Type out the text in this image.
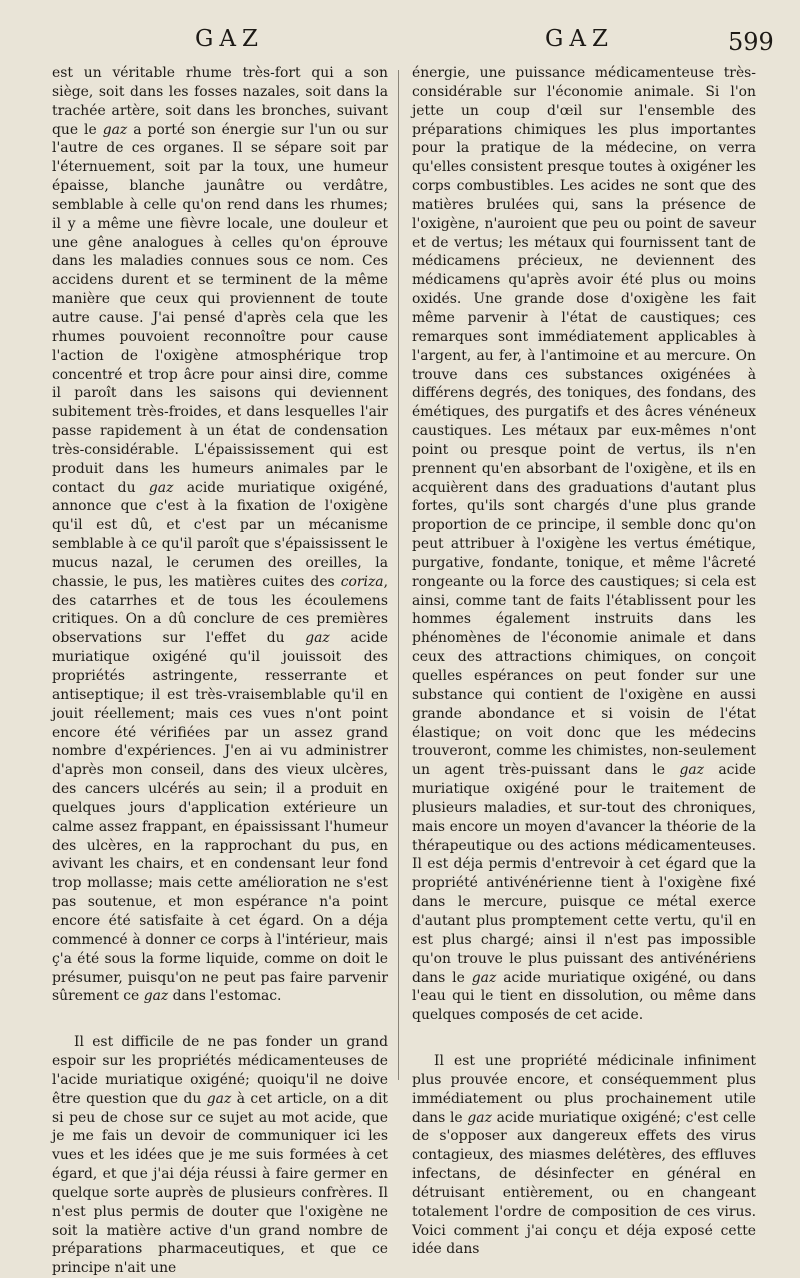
GAZ	GAZ	599

est un véritable rhume très-fort qui a son siège, soit dans les fosses nazales, soit dans la trachée artère, soit dans les bronches, suivant que le gaz a porté son énergie sur l'un ou sur l'autre de ces organes. Il se sépare soit par l'éternuement, soit par la toux, une humeur épaisse, blanche jaunâtre ou verdâtre, semblable à celle qu'on rend dans les rhumes; il y a même une fièvre locale, une douleur et une gêne analogues à celles qu'on éprouve dans les maladies connues sous ce nom. Ces accidens durent et se terminent de la même manière que ceux qui proviennent de toute autre cause. J'ai pensé d'après cela que les rhumes pouvoient reconnoître pour cause l'action de l'oxigène atmosphérique trop concentré et trop âcre pour ainsi dire, comme il paroît dans les saisons qui deviennent subitement très-froides, et dans lesquelles l'air passe rapidement à un état de condensation très-considérable. L'épaississement qui est produit dans les humeurs animales par le contact du gaz acide muriatique oxigéné, annonce que c'est à la fixation de l'oxigène qu'il est dû, et c'est par un mécanisme semblable à ce qu'il paroît que s'épaississent le mucus nazal, le cerumen des oreilles, la chassie, le pus, les matières cuites des coriza, des catarrhes et de tous les écoulemens critiques. On a dû conclure de ces premières observations sur l'effet du gaz acide muriatique oxigéné qu'il jouissoit des propriétés astringente, resserrante et antiseptique; il est très-vraisemblable qu'il en jouit réellement; mais ces vues n'ont point encore été vérifiées par un assez grand nombre d'expériences. J'en ai vu administrer d'après mon conseil, dans des vieux ulcères, des cancers ulcérés au sein; il a produit en quelques jours d'application extérieure un calme assez frappant, en épaississant l'humeur des ulcères, en la rapprochant du pus, en avivant les chairs, et en condensant leur fond trop mollasse; mais cette amélioration ne s'est pas soutenue, et mon espérance n'a point encore été satisfaite à cet égard. On a déja commencé à donner ce corps à l'intérieur, mais ç'a été sous la forme liquide, comme on doit le présumer, puisqu'on ne peut pas faire parvenir sûrement ce gaz dans l'estomac.

Il est difficile de ne pas fonder un grand espoir sur les propriétés médicamenteuses de l'acide muriatique oxigéné; quoiqu'il ne doive être question que du gaz à cet article, on a dit si peu de chose sur ce sujet au mot acide, que je me fais un devoir de communiquer ici les vues et les idées que je me suis formées à cet égard, et que j'ai déja réussi à faire germer en quelque sorte auprès de plusieurs confrères. Il n'est plus permis de douter que l'oxigène ne soit la matière active d'un grand nombre de préparations pharmaceutiques, et que ce principe n'ait une

énergie, une puissance médicamenteuse très-considérable sur l'économie animale. Si l'on jette un coup d'œil sur l'ensemble des préparations chimiques les plus importantes pour la pratique de la médecine, on verra qu'elles consistent presque toutes à oxigéner les corps combustibles. Les acides ne sont que des matières brulées qui, sans la présence de l'oxigène, n'auroient que peu ou point de saveur et de vertus; les métaux qui fournissent tant de médicamens précieux, ne deviennent des médicamens qu'après avoir été plus ou moins oxidés. Une grande dose d'oxigène les fait même parvenir à l'état de caustiques; ces remarques sont immédiatement applicables à l'argent, au fer, à l'antimoine et au mercure. On trouve dans ces substances oxigénées à différens degrés, des toniques, des fondans, des émétiques, des purgatifs et des âcres vénéneux caustiques. Les métaux par eux-mêmes n'ont point ou presque point de vertus, ils n'en prennent qu'en absorbant de l'oxigène, et ils en acquièrent dans des graduations d'autant plus fortes, qu'ils sont chargés d'une plus grande proportion de ce principe, il semble donc qu'on peut attribuer à l'oxigène les vertus émétique, purgative, fondante, tonique, et même l'âcreté rongeante ou la force des caustiques; si cela est ainsi, comme tant de faits l'établissent pour les hommes également instruits dans les phénomènes de l'économie animale et dans ceux des attractions chimiques, on conçoit quelles espérances on peut fonder sur une substance qui contient de l'oxigène en aussi grande abondance et si voisin de l'état élastique; on voit donc que les médecins trouveront, comme les chimistes, non-seulement un agent très-puissant dans le gaz acide muriatique oxigéné pour le traitement de plusieurs maladies, et sur-tout des chroniques, mais encore un moyen d'avancer la théorie de la thérapeutique ou des actions médicamenteuses. Il est déja permis d'entrevoir à cet égard que la propriété antivénérienne tient à l'oxigène fixé dans le mercure, puisque ce métal exerce d'autant plus promptement cette vertu, qu'il en est plus chargé; ainsi il n'est pas impossible qu'on trouve le plus puissant des antivénériens dans le gaz acide muriatique oxigéné, ou dans l'eau qui le tient en dissolution, ou même dans quelques composés de cet acide.

Il est une propriété médicinale infiniment plus prouvée encore, et conséquemment plus immédiatement ou plus prochainement utile dans le gaz acide muriatique oxigéné; c'est celle de s'opposer aux dangereux effets des virus contagieux, des miasmes delétères, des effluves infectans, de désinfecter en général en détruisant entièrement, ou en changeant totalement l'ordre de composition de ces virus. Voici comment j'ai conçu et déja exposé cette idée dans
